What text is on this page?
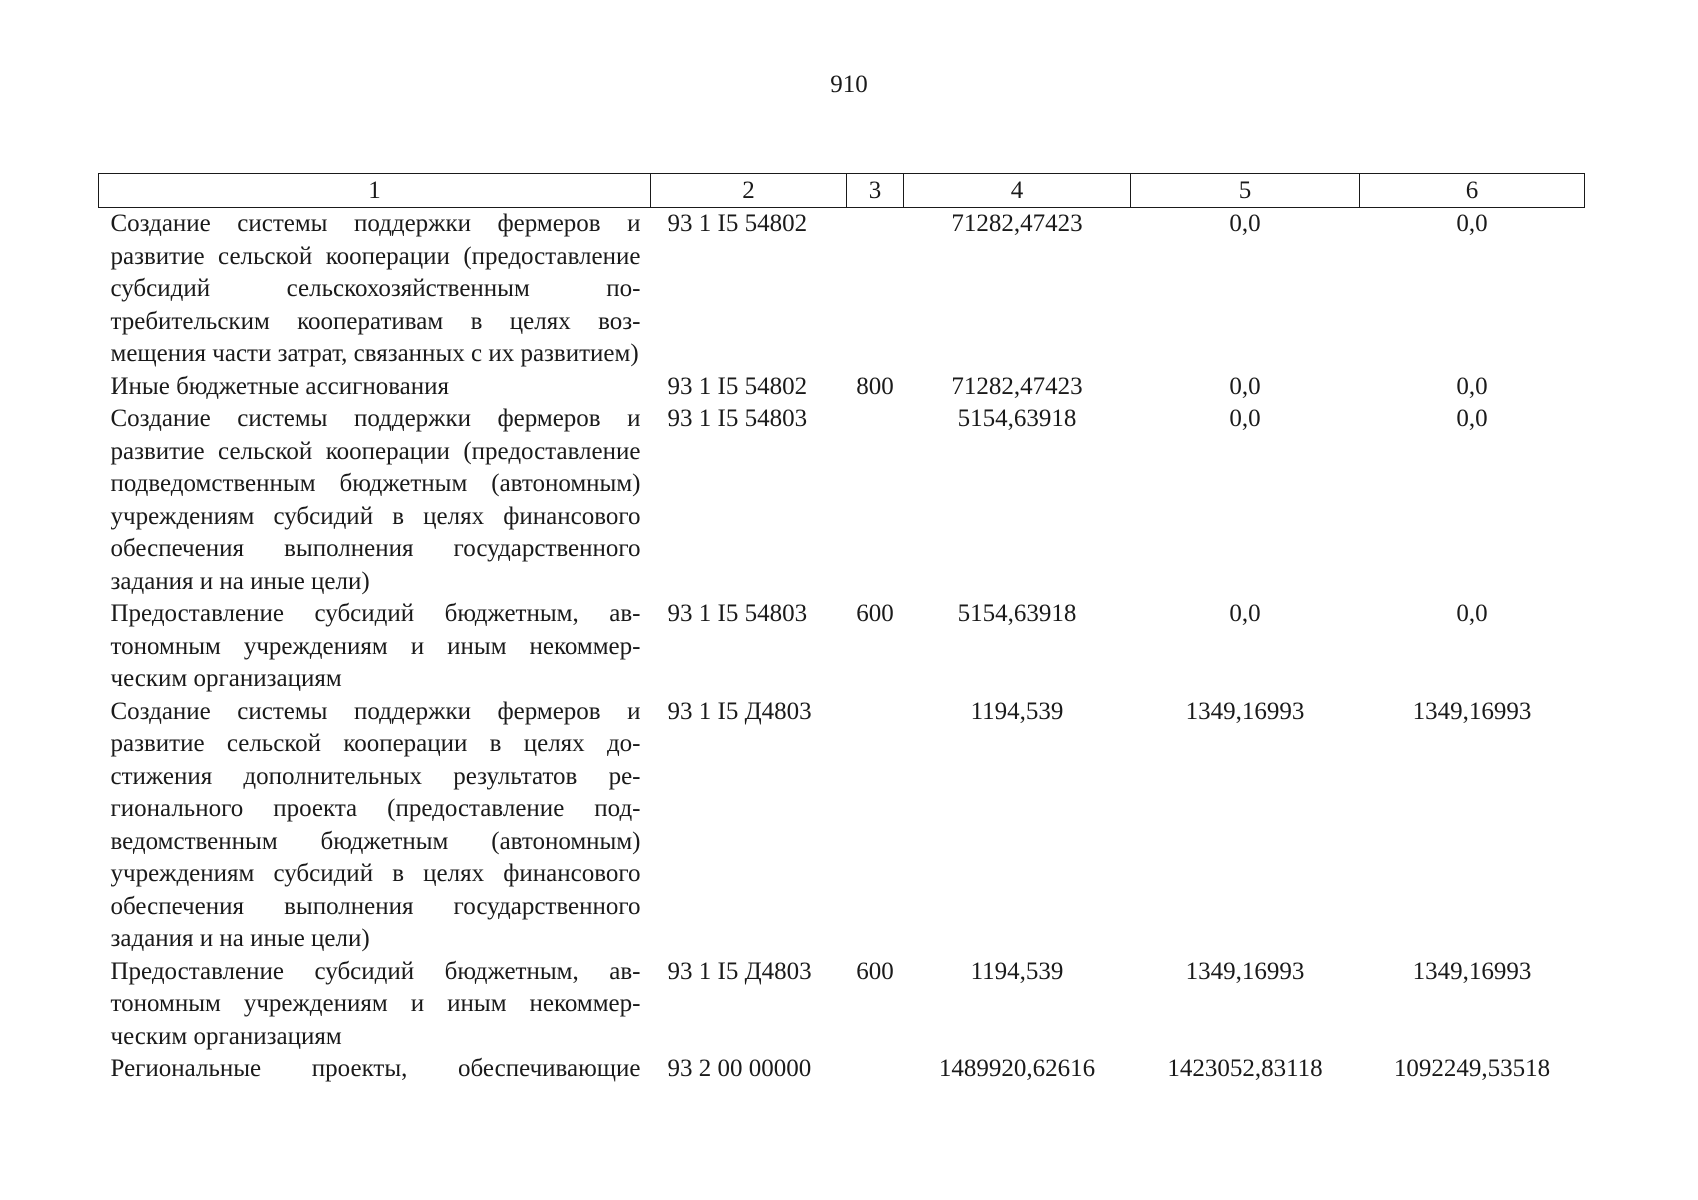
910
1	2	3	4	5	6
Создание системы поддержки фермеров и развитие сельской кооперации (предоставление субсидий сельскохозяйственным потребительским кооперативам в целях возмещения части затрат, связанных с их развитием)	93 1 I5 54802		71282,47423	0,0	0,0
Иные бюджетные ассигнования	93 1 I5 54802	800	71282,47423	0,0	0,0
Создание системы поддержки фермеров и развитие сельской кооперации (предоставление подведомственным бюджетным (автономным) учреждениям субсидий в целях финансового обеспечения выполнения государственного задания и на иные цели)	93 1 I5 54803		5154,63918	0,0	0,0
Предоставление субсидий бюджетным, автономным учреждениям и иным некоммерческим организациям	93 1 I5 54803	600	5154,63918	0,0	0,0
Создание системы поддержки фермеров и развитие сельской кооперации в целях достижения дополнительных результатов регионального проекта (предоставление подведомственным бюджетным (автономным) учреждениям субсидий в целях финансового обеспечения выполнения государственного задания и на иные цели)	93 1 I5 Д4803		1194,539	1349,16993	1349,16993
Предоставление субсидий бюджетным, автономным учреждениям и иным некоммерческим организациям	93 1 I5 Д4803	600	1194,539	1349,16993	1349,16993
Региональные проекты, обеспечивающие	93 2 00 00000		1489920,62616	1423052,83118	1092249,53518
